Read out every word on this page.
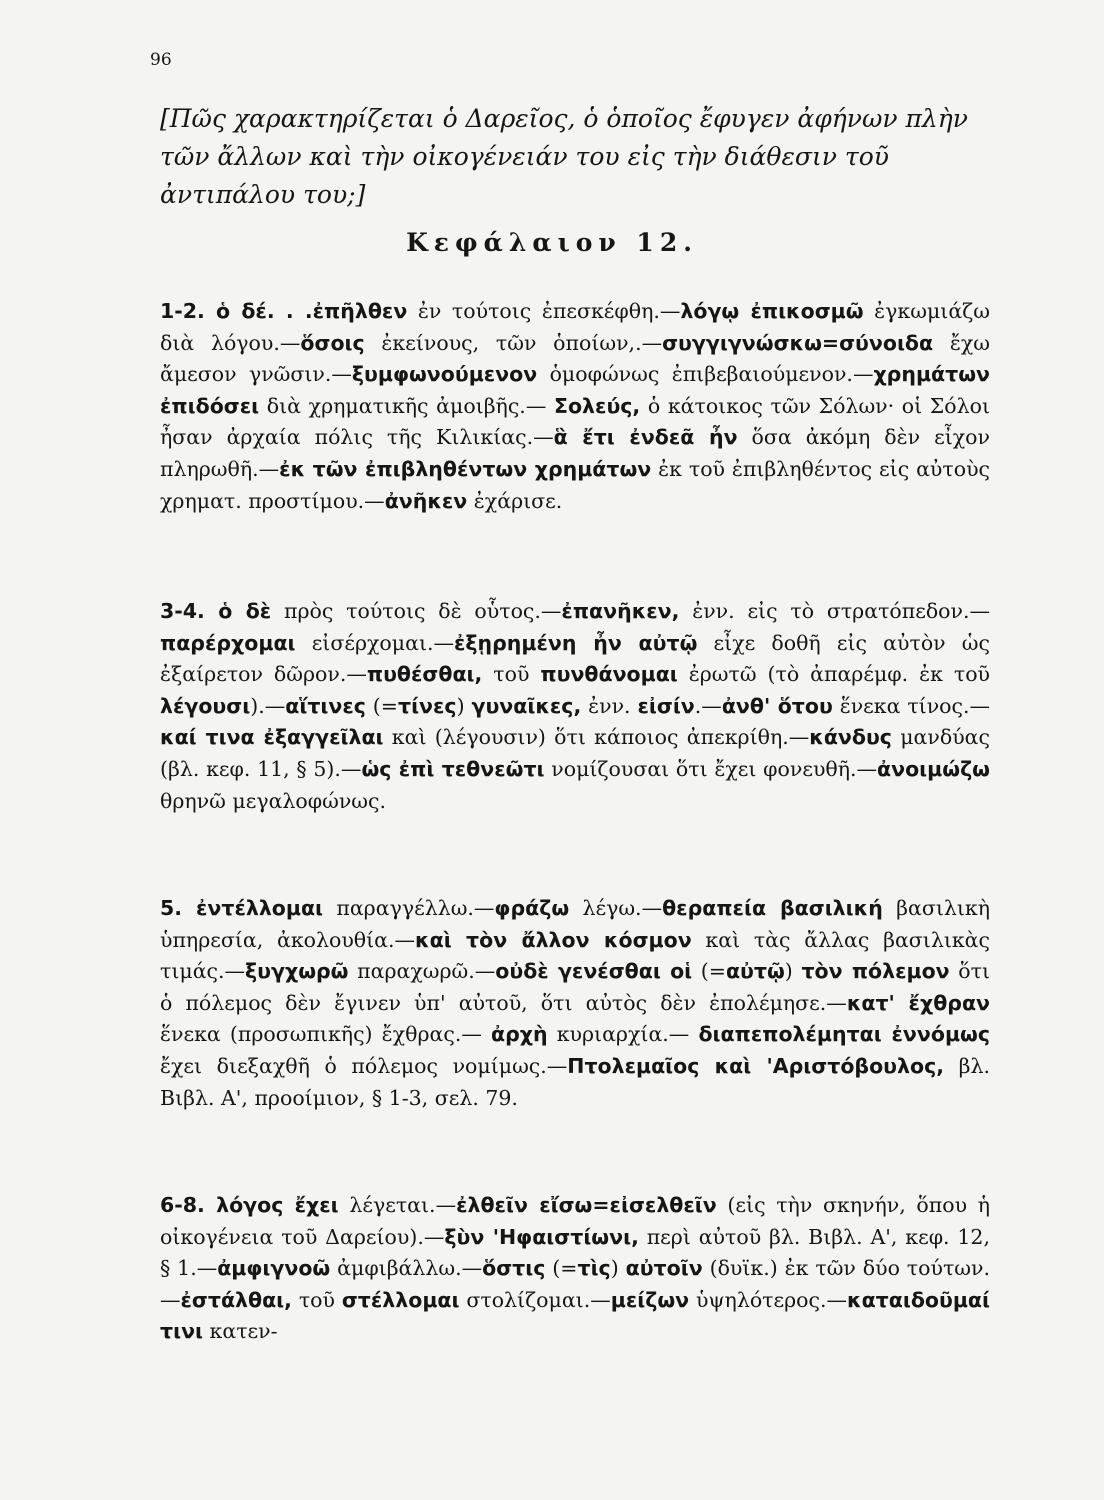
96
[Πῶς χαρακτηρίζεται ὁ Δαρεῖος, ὁ ὁποῖος ἔφυγεν ἀφήνων πλὴν τῶν ἄλλων καὶ τὴν οἰκογένειάν του εἰς τὴν διάθεσιν τοῦ ἀντιπάλου του;]
Κεφάλαιον 12.
1-2. ὁ δέ. . .ἐπῆλθεν ἐν τούτοις ἐπεσκέφθη.—λόγῳ ἐπικοσμῶ ἐγκωμιάζω διὰ λόγου.—ὅσοις ἐκείνους, τῶν ὁποίων,.—συγγιγνώσκω=σύνοιδα ἔχω ἄμεσον γνῶσιν.—ξυμφωνούμενον ὁμοφώνως ἐπιβεβαιούμενον.—χρημάτων ἐπιδόσει διὰ χρηματικῆς ἀμοιβῆς.— Σολεύς, ὁ κάτοικος τῶν Σόλων· οἱ Σόλοι ἦσαν ἀρχαία πόλις τῆς Κιλικίας.—ἃ ἔτι ἐνδεᾶ ἦν ὅσα ἀκόμη δὲν εἶχον πληρωθῆ.—ἐκ τῶν ἐπιβληθέντων χρημάτων ἐκ τοῦ ἐπιβληθέντος εἰς αὐτοὺς χρηματ. προστίμου.—ἀνῆκεν ἐχάρισε.
3-4. ὁ δὲ πρὸς τούτοις δὲ οὗτος.—ἐπανῆκεν, ἐνν. εἰς τὸ στρατόπεδον.—παρέρχομαι εἰσέρχομαι.—ἐξῃρημένη ἦν αὐτῷ εἶχε δοθῆ εἰς αὐτὸν ὡς ἐξαίρετον δῶρον.—πυθέσθαι, τοῦ πυνθάνομαι ἐρωτῶ (τὸ ἀπαρέμφ. ἐκ τοῦ λέγουσι).—αἵτινες (=τίνες) γυναῖκες, ἐνν. εἰσίν.—ἀνθ' ὅτου ἕνεκα τίνος.—καί τινα ἐξαγγεῖλαι καὶ (λέγουσιν) ὅτι κάποιος ἀπεκρίθη.—κάνδυς μανδύας (βλ. κεφ. 11, § 5).—ὡς ἐπὶ τεθνεῶτι νομίζουσαι ὅτι ἔχει φονευθῆ.—ἀνοιμώζω θρηνῶ μεγαλοφώνως.
5. ἐντέλλομαι παραγγέλλω.—φράζω λέγω.—θεραπεία βασιλική βασιλικὴ ὑπηρεσία, ἀκολουθία.—καὶ τὸν ἄλλον κόσμον καὶ τὰς ἄλλας βασιλικὰς τιμάς.—ξυγχωρῶ παραχωρῶ.—οὐδὲ γενέσθαι οἱ (=αὐτῷ) τὸν πόλεμον ὅτι ὁ πόλεμος δὲν ἔγινεν ὑπ' αὐτοῦ, ὅτι αὐτὸς δὲν ἐπολέμησε.—κατ' ἔχθραν ἕνεκα (προσωπικῆς) ἔχθρας.— ἀρχὴ κυριαρχία.— διαπεπολέμηται ἐννόμως ἔχει διεξαχθῆ ὁ πόλεμος νομίμως.—Πτολεμαῖος καὶ 'Αριστόβουλος, βλ. Βιβλ. Α', προοίμιον, § 1-3, σελ. 79.
6-8. λόγος ἔχει λέγεται.—ἐλθεῖν εἴσω=εἰσελθεῖν (εἰς τὴν σκηνήν, ὅπου ἡ οἰκογένεια τοῦ Δαρείου).—ξὺν 'Ηφαιστίωνι, περὶ αὐτοῦ βλ. Βιβλ. Α', κεφ. 12, § 1.—ἀμφιγνοῶ ἀμφιβάλλω.—ὅστις (=τὶς) αὐτοῖν (δυϊκ.) ἐκ τῶν δύο τούτων.—ἐστάλθαι, τοῦ στέλλομαι στολίζομαι.—μείζων ὑψηλότερος.—καταιδοῦμαί τινι κατεν-
